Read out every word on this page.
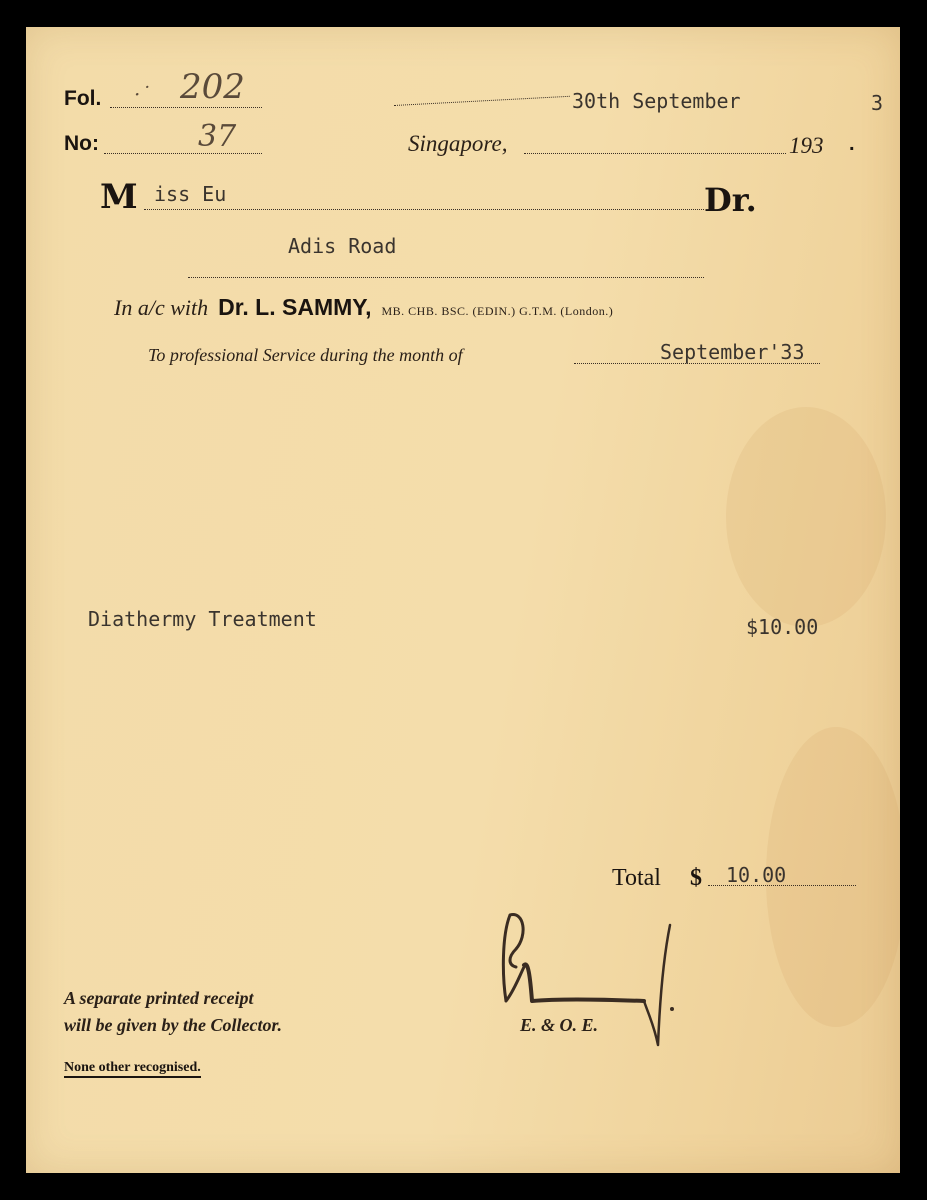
Fol. ·˙ 202	30th September	3
No:	37	Singapore,	193 .
M iss Eu	Dr.
Adis Road
In a/c with Dr. L. SAMMY, MB. CHB. BSC. (EDIN.) G.T.M. (London.)
To professional Service during the month of	September'33
Diathermy Treatment	$10.00
Total $ 10.00
A separate printed receipt
will be given by the Collector.	E. & O. E.
None other recognised.
